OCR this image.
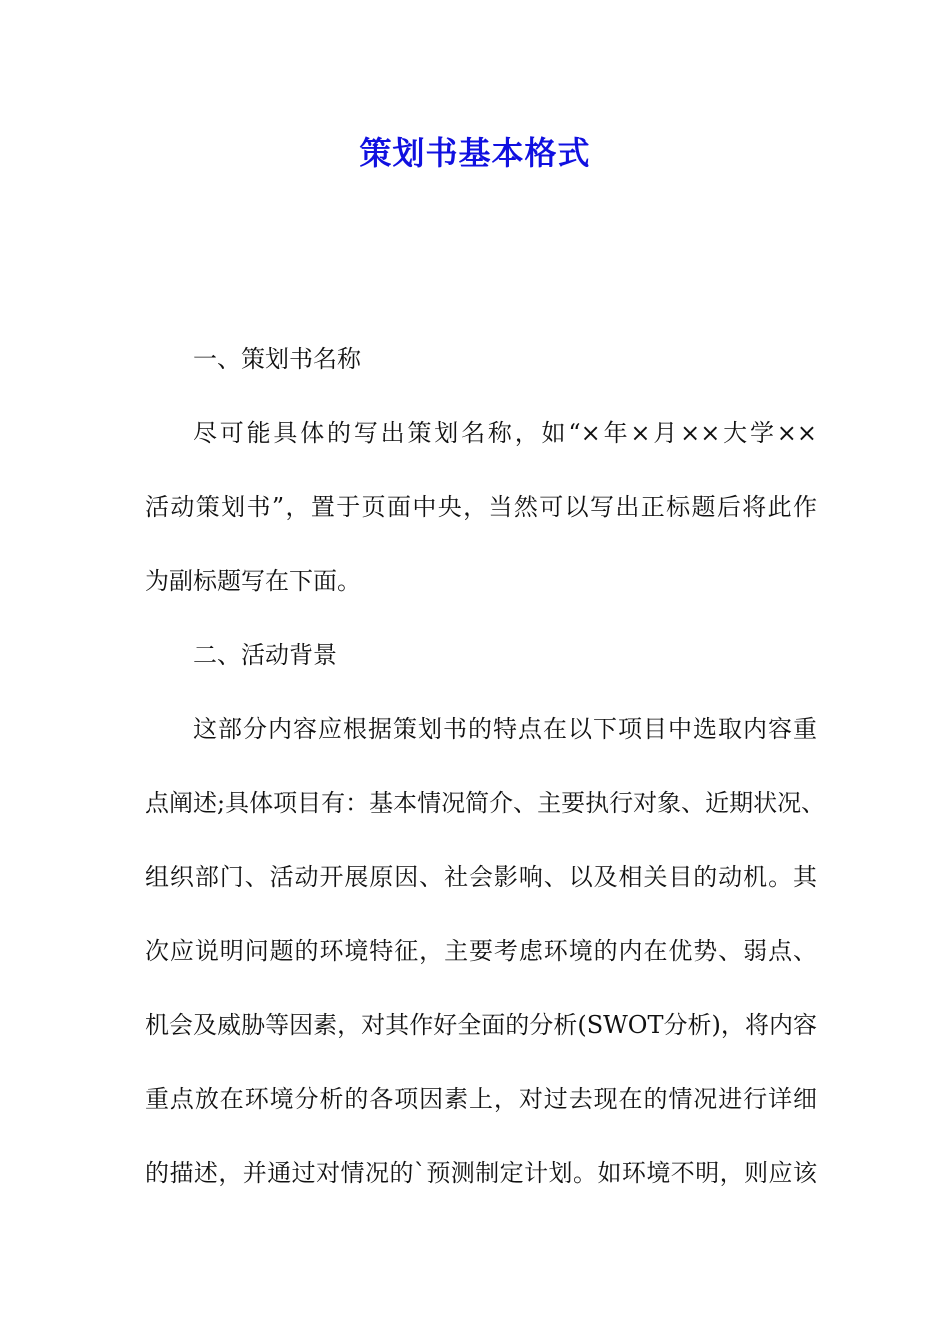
策划书基本格式

一、策划书名称

尽可能具体的写出策划名称，如“×年×月××大学××
活动策划书”，置于页面中央，当然可以写出正标题后将此作
为副标题写在下面。

二、活动背景

这部分内容应根据策划书的特点在以下项目中选取内容重
点阐述;具体项目有：基本情况简介、主要执行对象、近期状况、
组织部门、活动开展原因、社会影响、以及相关目的动机。其
次应说明问题的环境特征，主要考虑环境的内在优势、弱点、
机会及威胁等因素，对其作好全面的分析(SWOT分析)，将内容
重点放在环境分析的各项因素上，对过去现在的情况进行详细
的描述，并通过对情况的`预测制定计划。如环境不明，则应该
